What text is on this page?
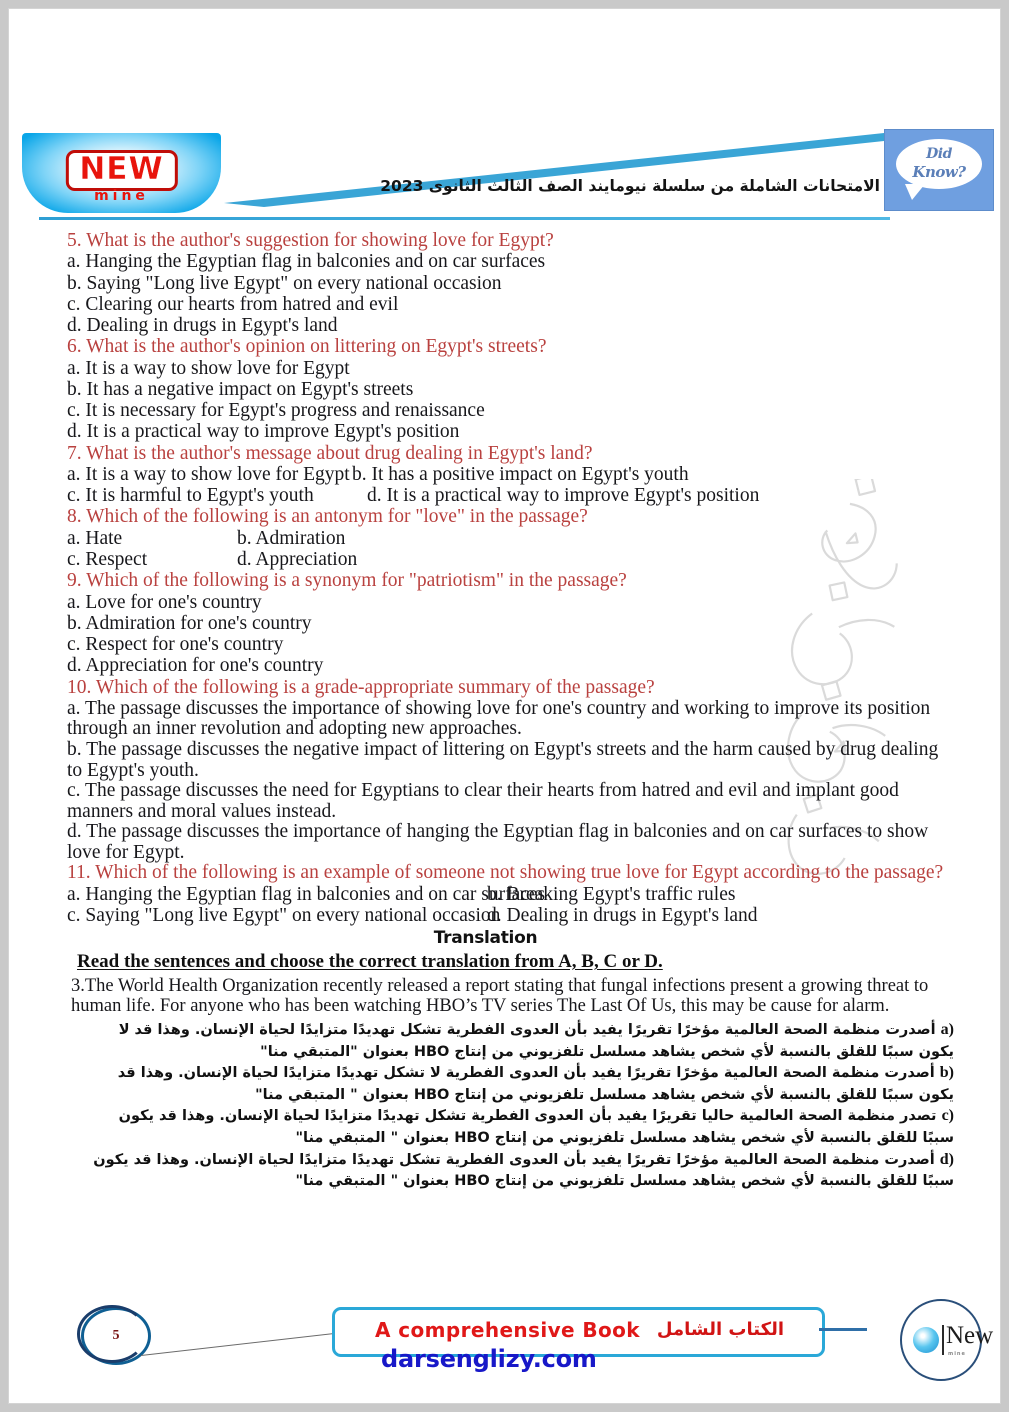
NEW
mine
الامتحانات الشاملة من سلسلة نيومايند الصف الثالث الثانوى 2023
Did
Know?

5. What is the author's suggestion for showing love for Egypt?

a. Hanging the Egyptian flag in balconies and on car surfaces

b. Saying "Long live Egypt" on every national occasion

c. Clearing our hearts from hatred and evil

d. Dealing in drugs in Egypt's land

6. What is the author's opinion on littering on Egypt's streets?

a. It is a way to show love for Egypt

b. It has a negative impact on Egypt's streets

c. It is necessary for Egypt's progress and renaissance

d. It is a practical way to improve Egypt's position

7. What is the author's message about drug dealing in Egypt's land?

a. It is a way to show love for Egypt b. It has a positive impact on Egypt's youth

c. It is harmful to Egypt's youth	d. It is a practical way to improve Egypt's position

8. Which of the following is an antonym for "love" in the passage?

a. Hate	b. Admiration

c. Respect	d. Appreciation

9. Which of the following is a synonym for "patriotism" in the passage?

a. Love for one's country

b. Admiration for one's country

c. Respect for one's country

d. Appreciation for one's country

10. Which of the following is a grade-appropriate summary of the passage?

a. The passage discusses the importance of showing love for one's country and working to improve its position through an inner revolution and adopting new approaches.

b. The passage discusses the negative impact of littering on Egypt's streets and the harm caused by drug dealing to Egypt's youth.

c. The passage discusses the need for Egyptians to clear their hearts from hatred and evil and implant good manners and moral values instead.

d. The passage discusses the importance of hanging the Egyptian flag in balconies and on car surfaces to show love for Egypt.

11. Which of the following is an example of someone not showing true love for Egypt according to the passage?

a. Hanging the Egyptian flag in balconies and on car surfaces
b. Breaking Egypt's traffic rules

c. Saying "Long live Egypt" on every national occasion
d. Dealing in drugs in Egypt's land

Translation

Read the sentences and choose the correct translation from A, B, C or D.

3.The World Health Organization recently released a report stating that fungal infections present a growing threat to human life. For anyone who has been watching HBO’s TV series The Last Of Us, this may be cause for alarm.

a) أصدرت منظمة الصحة العالمية مؤخرًا تقريرًا يفيد بأن العدوى الفطرية تشكل تهديدًا متزايدًا لحياة الإنسان. وهذا قد لا يكون سببًا للقلق بالنسبة لأي شخص يشاهد مسلسل تلفزيوني من إنتاج HBO بعنوان "المتبقي منا"

b) أصدرت منظمة الصحة العالمية مؤخرًا تقريرًا يفيد بأن العدوى الفطرية لا تشكل تهديدًا متزايدًا لحياة الإنسان. وهذا قد يكون سببًا للقلق بالنسبة لأي شخص يشاهد مسلسل تلفزيوني من إنتاج HBO بعنوان " المتبقي منا"

c) تصدر منظمة الصحة العالمية حاليا تقريرًا يفيد بأن العدوى الفطرية تشكل تهديدًا متزايدًا لحياة الإنسان. وهذا قد يكون سببًا للقلق بالنسبة لأي شخص يشاهد مسلسل تلفزيوني من إنتاج HBO بعنوان " المتبقي منا"

d) أصدرت منظمة الصحة العالمية مؤخرًا تقريرًا يفيد بأن العدوى الفطرية تشكل تهديدًا متزايدًا لحياة الإنسان. وهذا قد يكون سببًا للقلق بالنسبة لأي شخص يشاهد مسلسل تلفزيوني من إنتاج HBO بعنوان " المتبقي منا"

5	A comprehensive Book الكتاب الشامل
darsenglizy.com
New
mine
